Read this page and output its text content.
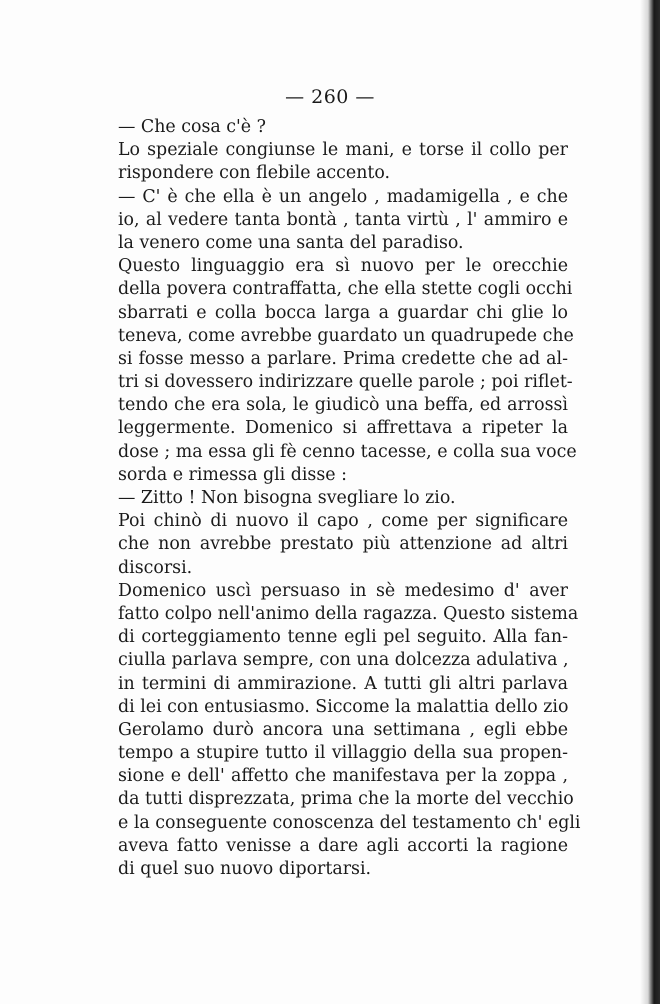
— 260 —
— Che cosa c'è ?
Lo speziale congiunse le mani, e torse il collo per
rispondere con flebile accento.
— C' è che ella è un angelo , madamigella , e che
io, al vedere tanta bontà , tanta virtù , l' ammiro e
la venero come una santa del paradiso.
Questo linguaggio era sì nuovo per le orecchie
della povera contraffatta, che ella stette cogli occhi
sbarrati e colla bocca larga a guardar chi glie lo
teneva, come avrebbe guardato un quadrupede che
si fosse messo a parlare. Prima credette che ad al-
tri si dovessero indirizzare quelle parole ; poi riflet-
tendo che era sola, le giudicò una beffa, ed arrossì
leggermente. Domenico si affrettava a ripeter la
dose ; ma essa gli fè cenno tacesse, e colla sua voce
sorda e rimessa gli disse :
— Zitto ! Non bisogna svegliare lo zio.
Poi chinò di nuovo il capo , come per significare
che non avrebbe prestato più attenzione ad altri
discorsi.
Domenico uscì persuaso in sè medesimo d' aver
fatto colpo nell'animo della ragazza. Questo sistema
di corteggiamento tenne egli pel seguito. Alla fan-
ciulla parlava sempre, con una dolcezza adulativa ,
in termini di ammirazione. A tutti gli altri parlava
di lei con entusiasmo. Siccome la malattia dello zio
Gerolamo durò ancora una settimana , egli ebbe
tempo a stupire tutto il villaggio della sua propen-
sione e dell' affetto che manifestava per la zoppa ,
da tutti disprezzata, prima che la morte del vecchio
e la conseguente conoscenza del testamento ch' egli
aveva fatto venisse a dare agli accorti la ragione
di quel suo nuovo diportarsi.
